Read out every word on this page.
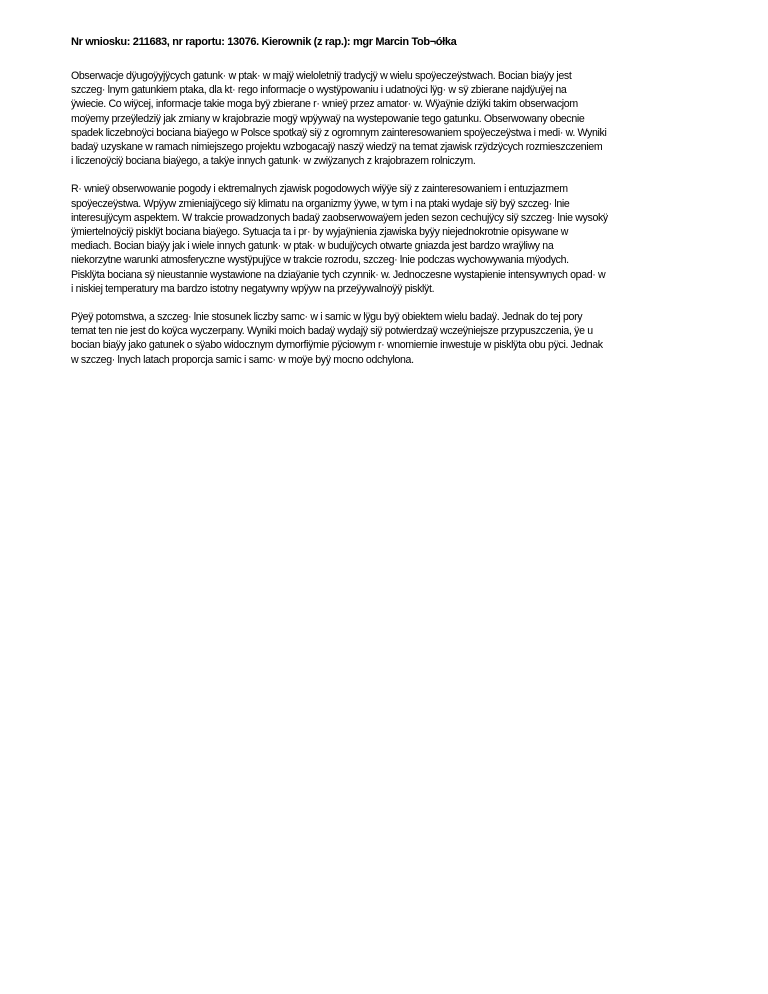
Nr wniosku: 211683, nr raportu: 13076. Kierownik (z rap.): mgr Marcin Tob¬ółka
Obserwacje dÿugoÿyjÿcych gatunk· w ptak· w majÿ wieloletniÿ tradycjÿ w wielu spoÿeczeÿstwach. Bocian biaÿy jest
szczeg· lnym gatunkiem ptaka, dla kt· rego informacje o wystÿpowaniu i udatnoÿci lÿg· w sÿ zbierane najdÿuÿej na
ÿwiecie. Co wiÿcej, informacje takie moga byÿ zbierane r· wnieÿ przez amator· w. Wÿaÿnie dziÿki takim obserwacjom
moÿemy przeÿledziÿ jak zmiany w krajobrazie mogÿ wpÿywaÿ na wystepowanie tego gatunku. Obserwowany obecnie
spadek liczebnoÿci bociana biaÿego w Polsce spotkaÿ siÿ z ogromnym zainteresowaniem spoÿeczeÿstwa i medi· w. Wyniki
badaÿ uzyskane w ramach nimiejszego projektu wzbogacajÿ naszÿ wiedzÿ na temat zjawisk rzÿdzÿcych rozmieszczeniem
i liczenoÿciÿ bociana biaÿego, a takÿe innych gatunk· w zwiÿzanych z krajobrazem rolniczym.
R· wnieÿ obserwowanie pogody i ektremalnych zjawisk pogodowych wiÿÿe siÿ z zainteresowaniem i entuzjazmem
spoÿeczeÿstwa. Wpÿyw zmieniajÿcego siÿ klimatu na organizmy ÿywe, w tym i na ptaki wydaje siÿ byÿ szczeg· lnie
interesujÿcym aspektem. W trakcie prowadzonych badaÿ zaobserwowaÿem jeden sezon cechujÿcy siÿ szczeg· lnie wysokÿ
ÿmiertelnoÿciÿ pisklÿt bociana biaÿego. Sytuacja ta i pr· by wyjaÿnienia zjawiska byÿy niejednokrotnie opisywane w
mediach. Bocian biaÿy jak i wiele innych gatunk· w ptak· w budujÿcych otwarte gniazda jest bardzo wraÿliwy na
niekorzytne warunki atmosferyczne wystÿpujÿce w trakcie rozrodu, szczeg· lnie podczas wychowywania mÿodych.
Pisklÿta bociana sÿ nieustannie wystawione na dziaÿanie tych czynnik· w. Jednoczesne wystapienie intensywnych opad· w
i niskiej temperatury ma bardzo istotny negatywny wpÿyw na przeÿywalnoÿÿ pisklÿt.
Pÿeÿ potomstwa, a szczeg· lnie stosunek liczby samc· w i samic w lÿgu byÿ obiektem wielu badaÿ. Jednak do tej pory
temat ten nie jest do koÿca wyczerpany. Wyniki moich badaÿ wydajÿ siÿ potwierdzaÿ wczeÿniejsze przypuszczenia, ÿe u
bocian biaÿy jako gatunek o sÿabo widocznym dymorfiÿmie pÿciowym r· wnomiernie inwestuje w pisklÿta obu pÿci. Jednak
w szczeg· lnych latach proporcja samic i samc· w moÿe byÿ mocno odchylona.
